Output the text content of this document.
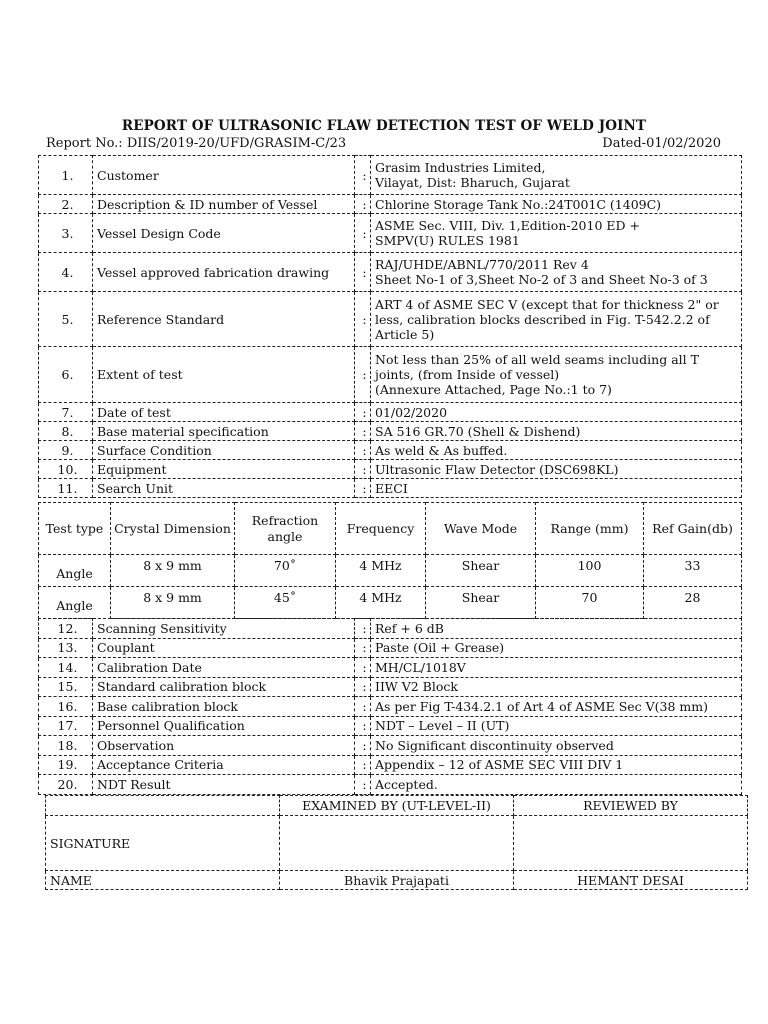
REPORT OF ULTRASONIC FLAW DETECTION TEST OF WELD JOINT
Report No.: DIIS/2019-20/UFD/GRASIM-C/23	Dated-01/02/2020
1.	Customer	:	Grasim Industries Limited,
Vilayat, Dist: Bharuch, Gujarat

2.	Description & ID number of Vessel	:	Chlorine Storage Tank No.:24T001C (1409C)

3.	Vessel Design Code	:	ASME Sec. VIII, Div. 1,Edition-2010 ED +
SMPV(U) RULES 1981

4.	Vessel approved fabrication drawing	:	RAJ/UHDE/ABNL/770/2011 Rev 4
Sheet No-1 of 3,Sheet No-2 of 3 and Sheet No-3 of 3

5.	Reference Standard	:	ART 4 of ASME SEC V (except that for thickness 2" or
less, calibration blocks described in Fig. T-542.2.2 of
Article 5)

6.	Extent of test	:	Not less than 25% of all weld seams including all T
joints, (from Inside of vessel)
(Annexure Attached, Page No.:1 to 7)

7.	Date of test	:	01/02/2020

8.	Base material specification	:	SA 516 GR.70 (Shell & Dishend)

9.	Surface Condition	:	As weld & As buffed.

10.	Equipment	:	Ultrasonic Flaw Detector (DSC698KL)

11.	Search Unit	:	EECI
Test type	Crystal Dimension	Refraction angle	Frequency	Wave Mode	Range (mm)	Ref Gain(db)
Angle	8 x 9 mm	70˚	4 MHz	Shear	100	33
Angle	8 x 9 mm	45˚	4 MHz	Shear	70	28
12.	Scanning Sensitivity	:	Ref + 6 dB
13.	Couplant	:	Paste (Oil + Grease)
14.	Calibration Date	:	MH/CL/1018V
15.	Standard calibration block	:	IIW V2 Block
16.	Base calibration block	:	As per Fig T-434.2.1 of Art 4 of ASME Sec V(38 mm)
17.	Personnel Qualification	:	NDT – Level – II (UT)
18.	Observation	:	No Significant discontinuity observed
19.	Acceptance Criteria	:	Appendix – 12 of ASME SEC VIII DIV 1
20.	NDT Result	:	Accepted.
	EXAMINED BY (UT-LEVEL-II)	REVIEWED BY
SIGNATURE		
NAME	Bhavik Prajapati	HEMANT DESAI
